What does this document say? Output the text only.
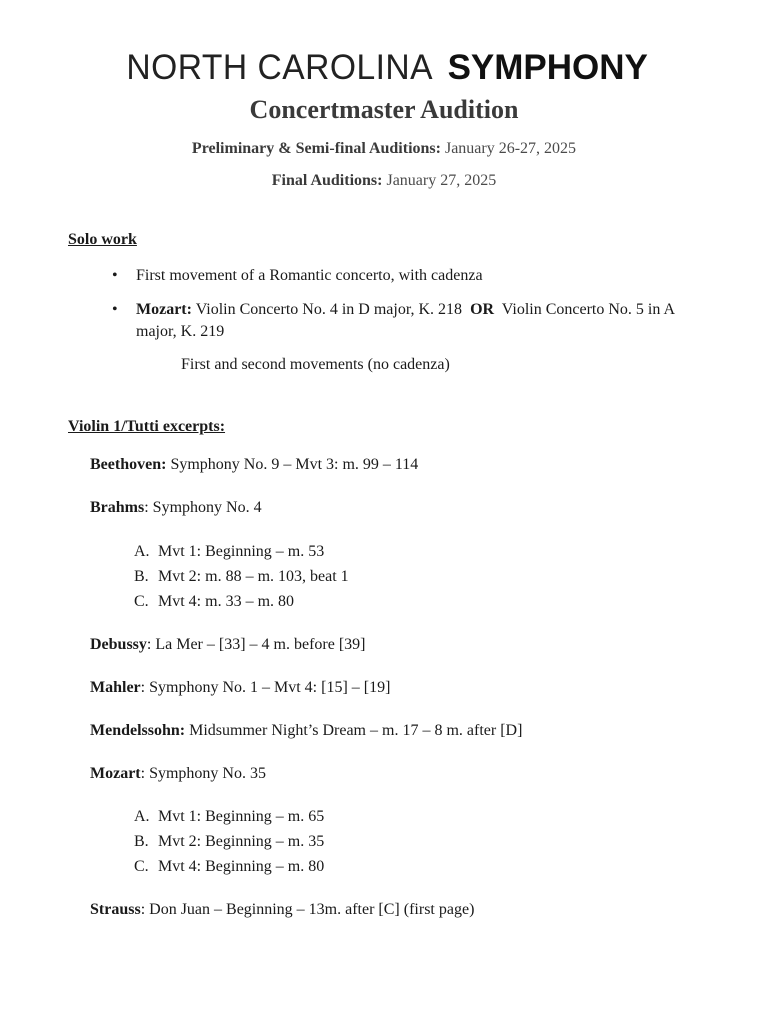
NORTH CAROLINA SYMPHONY
Concertmaster Audition
Preliminary & Semi-final Auditions: January 26-27, 2025
Final Auditions: January 27, 2025
Solo work
• First movement of a Romantic concerto, with cadenza
• Mozart: Violin Concerto No. 4 in D major, K. 218 OR Violin Concerto No. 5 in A major, K. 219
First and second movements (no cadenza)
Violin 1/Tutti excerpts:
Beethoven: Symphony No. 9 – Mvt 3: m. 99 – 114
Brahms: Symphony No. 4
A. Mvt 1: Beginning – m. 53
B. Mvt 2: m. 88 – m. 103, beat 1
C. Mvt 4: m. 33 – m. 80
Debussy: La Mer – [33] – 4 m. before [39]
Mahler: Symphony No. 1 – Mvt 4: [15] – [19]
Mendelssohn: Midsummer Night’s Dream – m. 17 – 8 m. after [D]
Mozart: Symphony No. 35
A. Mvt 1: Beginning – m. 65
B. Mvt 2: Beginning – m. 35
C. Mvt 4: Beginning – m. 80
Strauss: Don Juan – Beginning – 13m. after [C] (first page)
